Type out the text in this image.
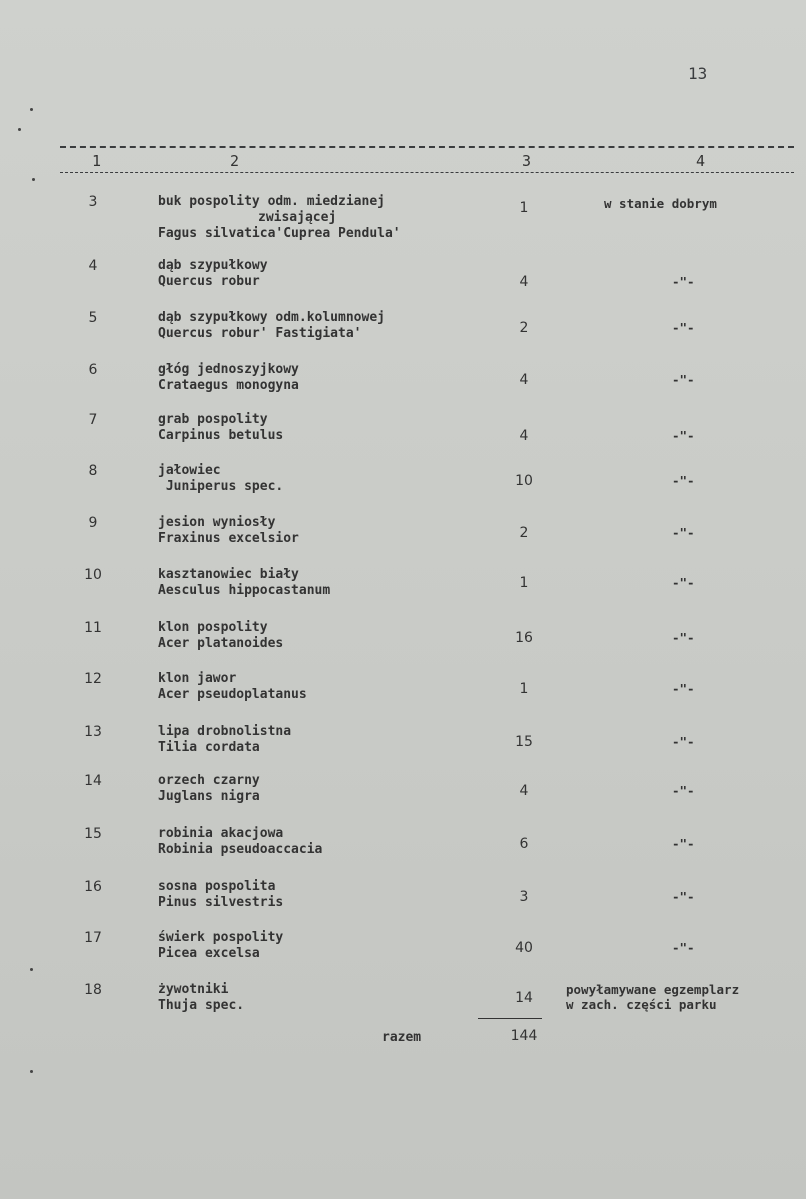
13
1	2	3	4
3	buk pospolity odm. miedzianej
zwisającej
Fagus silvatica'Cuprea Pendula'
1	w stanie dobrym
4	dąb szypułkowy
Quercus robur	4	-"-
5	dąb szypułkowy odm.kolumnowej
Quercus robur' Fastigiata'	2	-"-
6	głóg jednoszyjkowy
Crataegus monogyna	4	-"-
7	grab pospolity
Carpinus betulus	4	-"-
8	jałowiec
Juniperus spec.	10	-"-
9	jesion wyniosły
Fraxinus excelsior	2	-"-
10	kasztanowiec biały
Aesculus hippocastanum	1	-"-
11	klon pospolity
Acer platanoides	16	-"-
12	klon jawor
Acer pseudoplatanus	1	-"-
13	lipa drobnolistna
Tilia cordata	15	-"-
14	orzech czarny
Juglans nigra	4	-"-
15	robinia akacjowa
Robinia pseudoaccacia	6	-"-
16	sosna pospolita
Pinus silvestris	3	-"-
17	świerk pospolity
Picea excelsa	40	-"-
18	żywotniki
Thuja spec.	14
powyłamywane egzemplarz
w zach. części parku
razem	144
